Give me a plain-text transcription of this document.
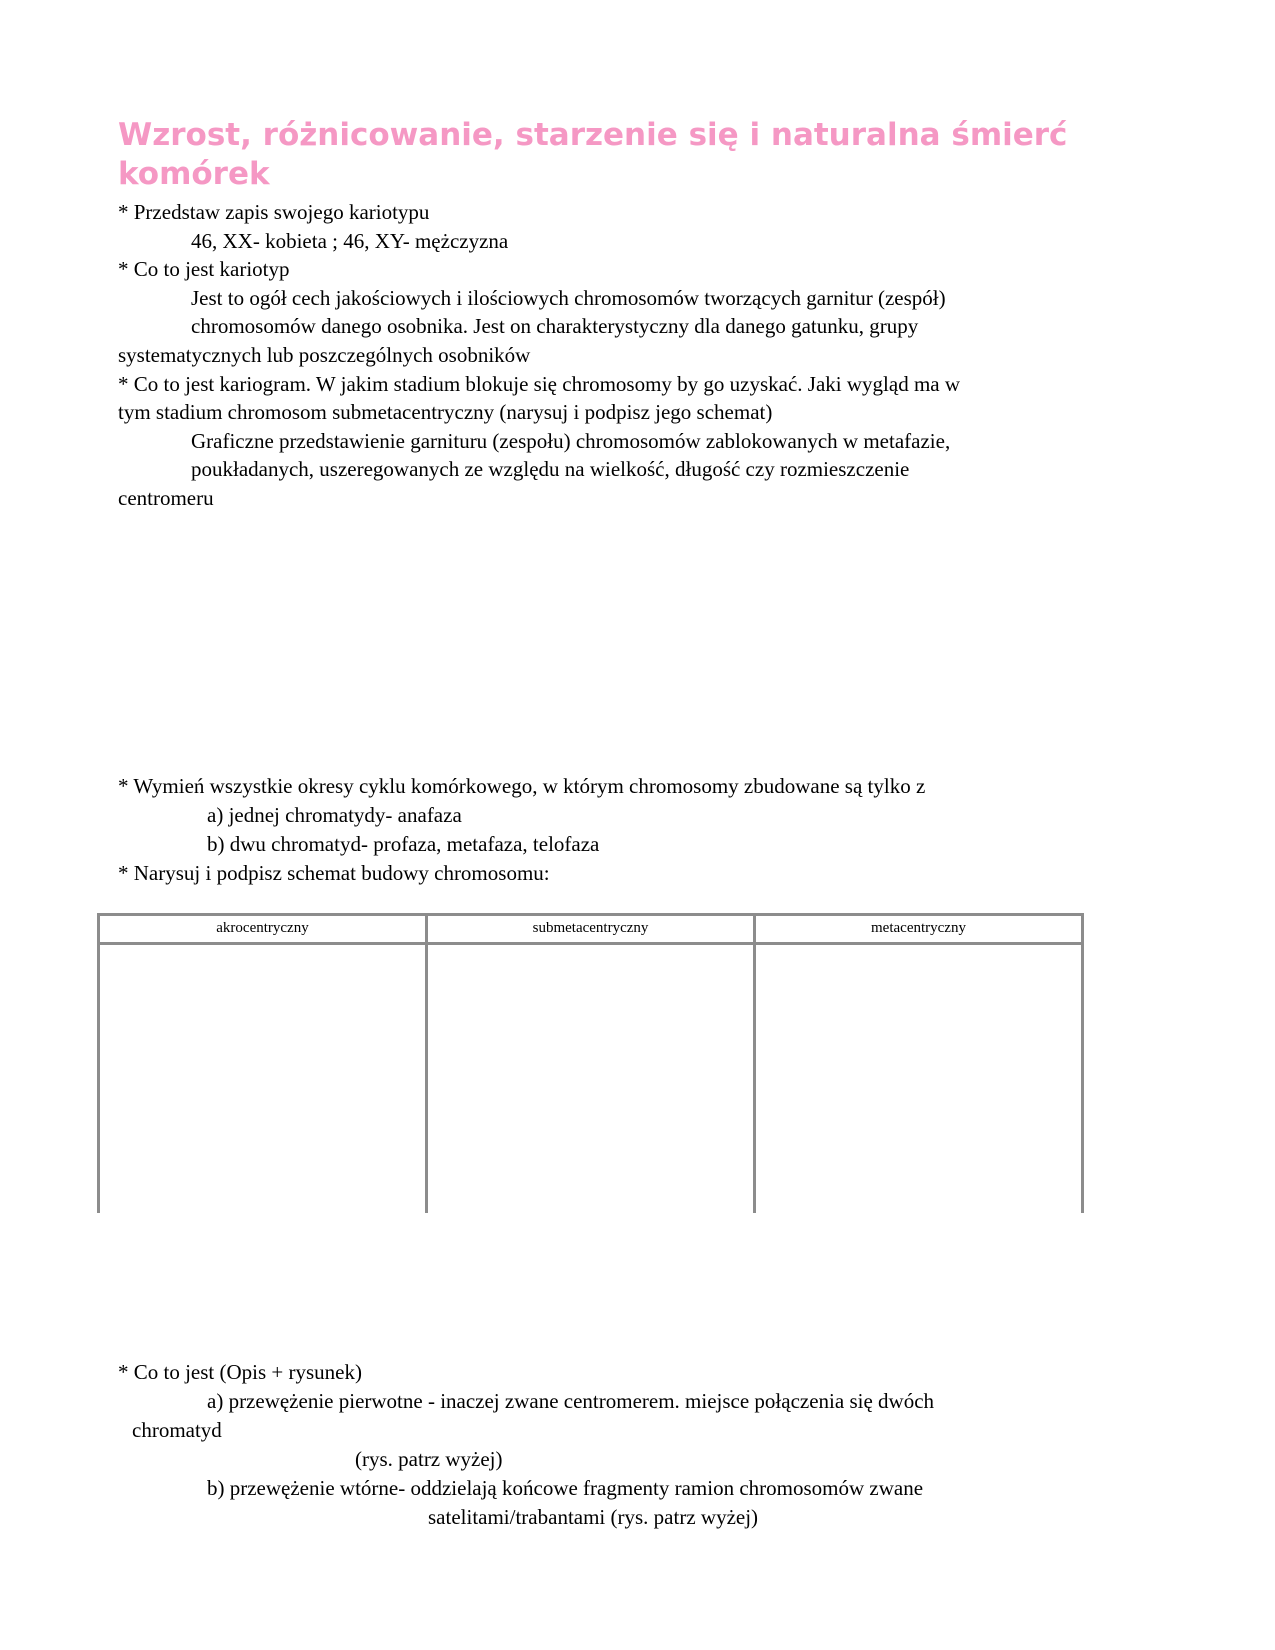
Wzrost, różnicowanie, starzenie się i naturalna śmierć komórek

* Przedstaw zapis swojego kariotypu

46, XX- kobieta ; 46, XY- mężczyzna

* Co to jest kariotyp

Jest to ogół cech jakościowych i ilościowych chromosomów tworzących garnitur (zespół)

chromosomów danego osobnika. Jest on charakterystyczny dla danego gatunku, grupy

systematycznych lub poszczególnych osobników

* Co to jest kariogram. W jakim stadium blokuje się chromosomy by go uzyskać. Jaki wygląd ma w

tym stadium chromosom submetacentryczny (narysuj i podpisz jego schemat)

Graficzne przedstawienie garnituru (zespołu) chromosomów zablokowanych w metafazie,

poukładanych, uszeregowanych ze względu na wielkość, długość czy rozmieszczenie

centromeru

* Wymień wszystkie okresy cyklu komórkowego, w którym chromosomy zbudowane są tylko z

a) jednej chromatydy- anafaza

b) dwu chromatyd- profaza, metafaza, telofaza

* Narysuj i podpisz schemat budowy chromosomu:

akrocentryczny	submetacentryczny	metacentryczny

* Co to jest (Opis + rysunek)

a) przewężenie pierwotne - inaczej zwane centromerem. miejsce połączenia się dwóch

chromatyd

(rys. patrz wyżej)

b) przewężenie wtórne- oddzielają końcowe fragmenty ramion chromosomów zwane

satelitami/trabantami (rys. patrz wyżej)
